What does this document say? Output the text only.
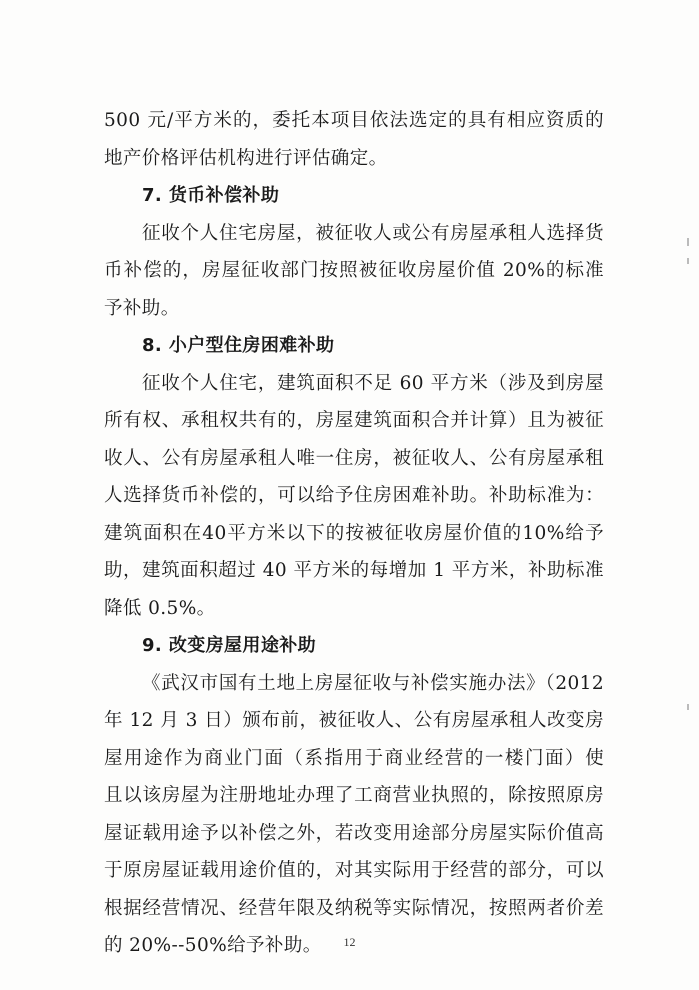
500 元/平方米的，委托本项目依法选定的具有相应资质的
地产价格评估机构进行评估确定。
7. 货币补偿补助
征收个人住宅房屋，被征收人或公有房屋承租人选择货
币补偿的，房屋征收部门按照被征收房屋价值 20%的标准
予补助。
8. 小户型住房困难补助
征收个人住宅，建筑面积不足 60 平方米（涉及到房屋
所有权、承租权共有的，房屋建筑面积合并计算）且为被征
收人、公有房屋承租人唯一住房，被征收人、公有房屋承租
人选择货币补偿的，可以给予住房困难补助。补助标准为：
建筑面积在40平方米以下的按被征收房屋价值的10%给予
助，建筑面积超过 40 平方米的每增加 1 平方米，补助标准
降低 0.5%。
9. 改变房屋用途补助
《武汉市国有土地上房屋征收与补偿实施办法》（2012
年 12 月 3 日）颁布前，被征收人、公有房屋承租人改变房
屋用途作为商业门面（系指用于商业经营的一楼门面）使
且以该房屋为注册地址办理了工商营业执照的，除按照原房
屋证载用途予以补偿之外，若改变用途部分房屋实际价值高
于原房屋证载用途价值的，对其实际用于经营的部分，可以
根据经营情况、经营年限及纳税等实际情况，按照两者价差
的 20%--50%给予补助。	12
